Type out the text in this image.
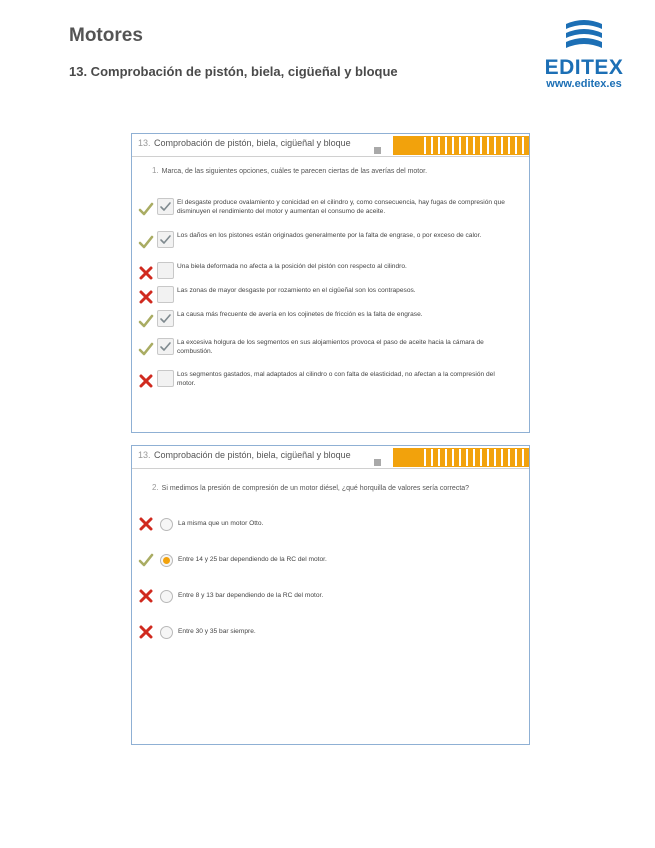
Motores
13. Comprobación de pistón, biela, cigüeñal y bloque	EDITEX
www.editex.es
13. Comprobación de pistón, biela, cigüeñal y bloque
1. Marca, de las siguientes opciones, cuáles te parecen ciertas de las averías del motor.
El desgaste produce ovalamiento y conicidad en el cilindro y, como consecuencia, hay fugas de compresión que disminuyen el rendimiento del motor y aumentan el consumo de aceite.
Los daños en los pistones están originados generalmente por la falta de engrase, o por exceso de calor.
Una biela deformada no afecta a la posición del pistón con respecto al cilindro.
Las zonas de mayor desgaste por rozamiento en el cigüeñal son los contrapesos.
La causa más frecuente de avería en los cojinetes de fricción es la falta de engrase.
La excesiva holgura de los segmentos en sus alojamientos provoca el paso de aceite hacia la cámara de combustión.
Los segmentos gastados, mal adaptados al cilindro o con falta de elasticidad, no afectan a la compresión del motor.
13. Comprobación de pistón, biela, cigüeñal y bloque
2. Si medimos la presión de compresión de un motor diésel, ¿qué horquilla de valores sería correcta?
La misma que un motor Otto.
Entre 14 y 25 bar dependiendo de la RC del motor.
Entre 8 y 13 bar dependiendo de la RC del motor.
Entre 30 y 35 bar siempre.
